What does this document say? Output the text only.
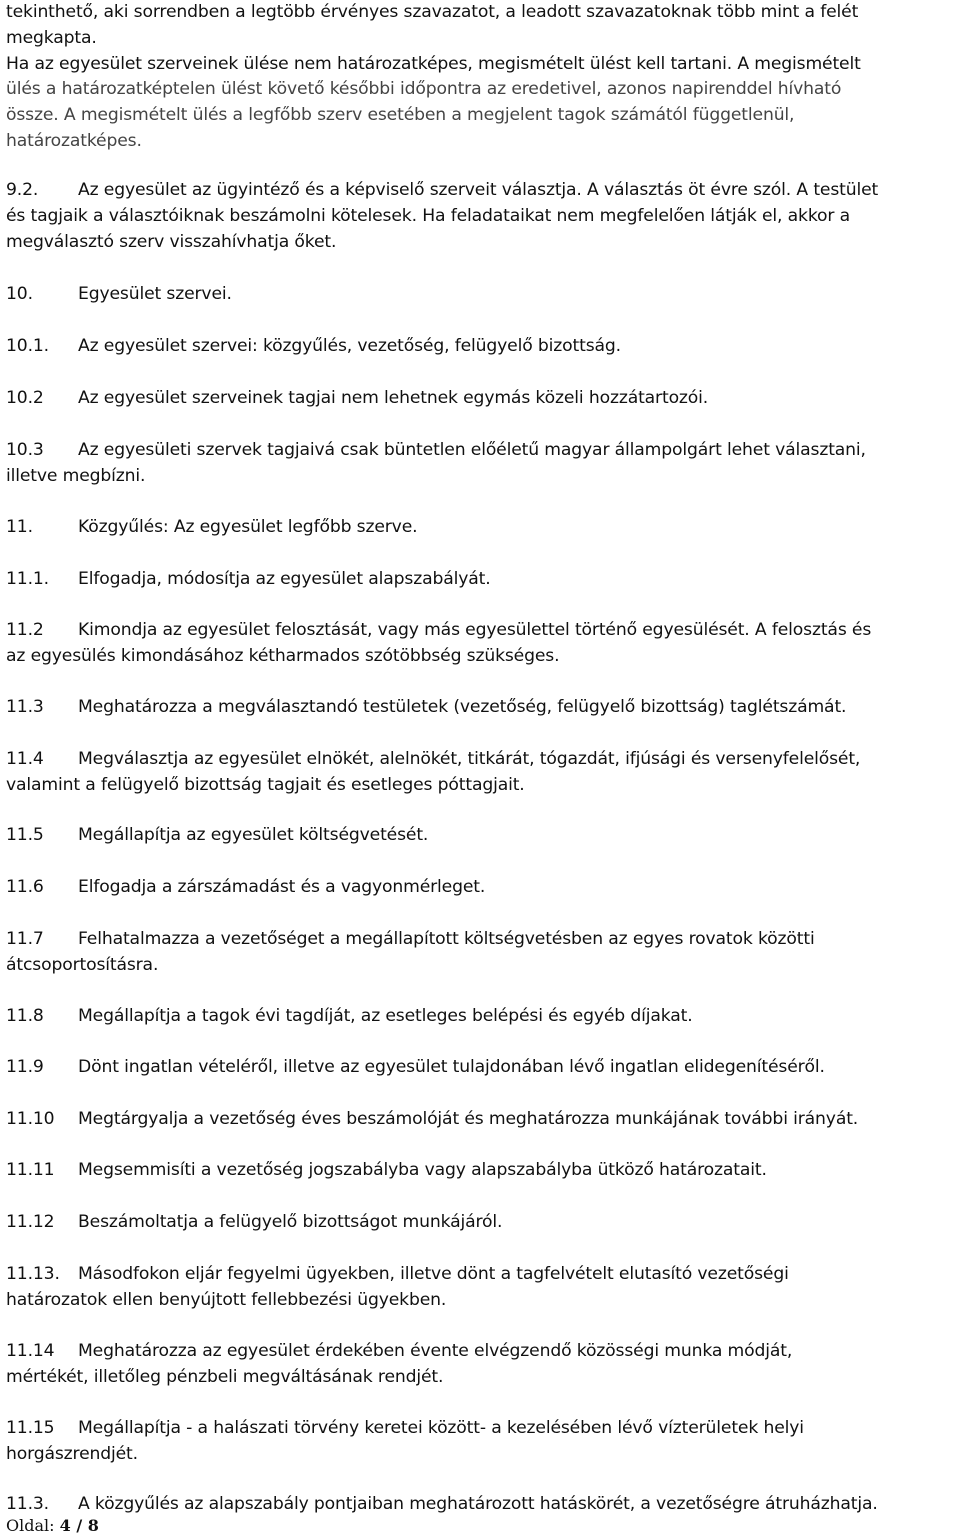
tekinthető, aki sorrendben a legtöbb érvényes szavazatot, a leadott szavazatoknak több mint a felét
megkapta.
Ha az egyesület szerveinek ülése nem határozatképes, megismételt ülést kell tartani. A megismételt
ülés a határozatképtelen ülést követő későbbi időpontra az eredetivel, azonos napirenddel hívható
össze. A megismételt ülés a legfőbb szerv esetében a megjelent tagok számától függetlenül,
határozatképes.
9.2. Az egyesület az ügyintéző és a képviselő szerveit választja. A választás öt évre szól. A testület
és tagjaik a választóiknak beszámolni kötelesek. Ha feladataikat nem megfelelően látják el, akkor a
megválasztó szerv visszahívhatja őket.
10.	Egyesület szervei.
10.1. Az egyesület szervei: közgyűlés, vezetőség, felügyelő bizottság.
10.2 Az egyesület szerveinek tagjai nem lehetnek egymás közeli hozzátartozói.
10.3 Az egyesületi szervek tagjaivá csak büntetlen előéletű magyar állampolgárt lehet választani,
illetve megbízni.
11.	Közgyűlés: Az egyesület legfőbb szerve.
11.1. Elfogadja, módosítja az egyesület alapszabályát.
11.2 Kimondja az egyesület felosztását, vagy más egyesülettel történő egyesülését. A felosztás és
az egyesülés kimondásához kétharmados szótöbbség szükséges.
11.3 Meghatározza a megválasztandó testületek (vezetőség, felügyelő bizottság) taglétszámát.
11.4 Megválasztja az egyesület elnökét, alelnökét, titkárát, tógazdát, ifjúsági és versenyfelelősét,
valamint a felügyelő bizottság tagjait és esetleges póttagjait.
11.5 Megállapítja az egyesület költségvetését.
11.6 Elfogadja a zárszámadást és a vagyonmérleget.
11.7 Felhatalmazza a vezetőséget a megállapított költségvetésben az egyes rovatok közötti
átcsoportosításra.
11.8 Megállapítja a tagok évi tagdíját, az esetleges belépési és egyéb díjakat.
11.9 Dönt ingatlan vételéről, illetve az egyesület tulajdonában lévő ingatlan elidegenítéséről.
11.10 Megtárgyalja a vezetőség éves beszámolóját és meghatározza munkájának további irányát.
11.11 Megsemmisíti a vezetőség jogszabályba vagy alapszabályba ütköző határozatait.
11.12 Beszámoltatja a felügyelő bizottságot munkájáról.
11.13. Másodfokon eljár fegyelmi ügyekben, illetve dönt a tagfelvételt elutasító vezetőségi
határozatok ellen benyújtott fellebbezési ügyekben.
11.14 Meghatározza az egyesület érdekében évente elvégzendő közösségi munka módját,
mértékét, illetőleg pénzbeli megváltásának rendjét.
11.15 Megállapítja - a halászati törvény keretei között- a kezelésében lévő vízterületek helyi
horgászrendjét.
11.3. A közgyűlés az alapszabály pontjaiban meghatározott hatáskörét, a vezetőségre átruházhatja.
Oldal: 4 / 8
